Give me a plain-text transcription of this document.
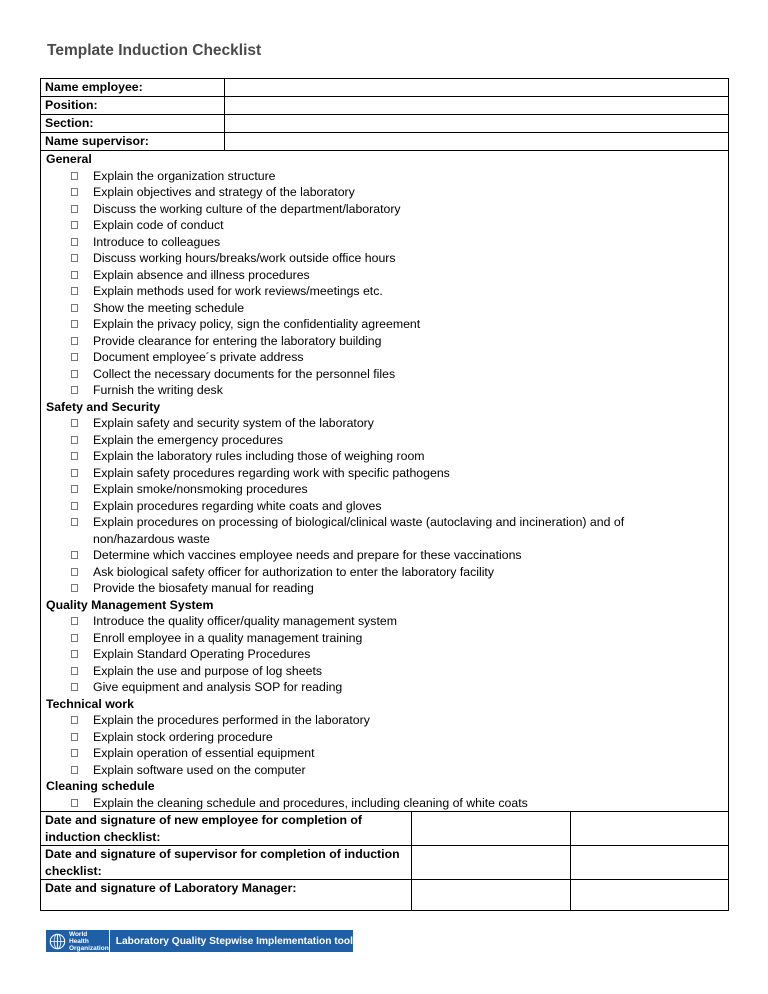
Template Induction Checklist
Name employee:	
Position:	
Section:	
Name supervisor:	
General
Explain the organization structure
Explain objectives and strategy of the laboratory
Discuss the working culture of the department/laboratory
Explain code of conduct
Introduce to colleagues
Discuss working hours/breaks/work outside office hours
Explain absence and illness procedures
Explain methods used for work reviews/meetings etc.
Show the meeting schedule
Explain the privacy policy, sign the confidentiality agreement
Provide clearance for entering the laboratory building
Document employee´s private address
Collect the necessary documents for the personnel files
Furnish the writing desk
Safety and Security
Explain safety and security system of the laboratory
Explain the emergency procedures
Explain the laboratory rules including those of weighing room
Explain safety procedures regarding work with specific pathogens
Explain smoke/nonsmoking procedures
Explain procedures regarding white coats and gloves
Explain procedures on processing of biological/clinical waste (autoclaving and incineration) and of non/hazardous waste
Determine which vaccines employee needs and prepare for these vaccinations
Ask biological safety officer for authorization to enter the laboratory facility
Provide the biosafety manual for reading
Quality Management System
Introduce the quality officer/quality management system
Enroll employee in a quality management training
Explain Standard Operating Procedures
Explain the use and purpose of log sheets
Give equipment and analysis SOP for reading
Technical work
Explain the procedures performed in the laboratory
Explain stock ordering procedure
Explain operation of essential equipment
Explain software used on the computer
Cleaning schedule
Explain the cleaning schedule and procedures, including cleaning of white coats
Date and signature of new employee for completion of induction checklist:		
Date and signature of supervisor for completion of induction checklist:		
Date and signature of Laboratory Manager:		
World Health
Organization
Laboratory Quality Stepwise Implementation tool
